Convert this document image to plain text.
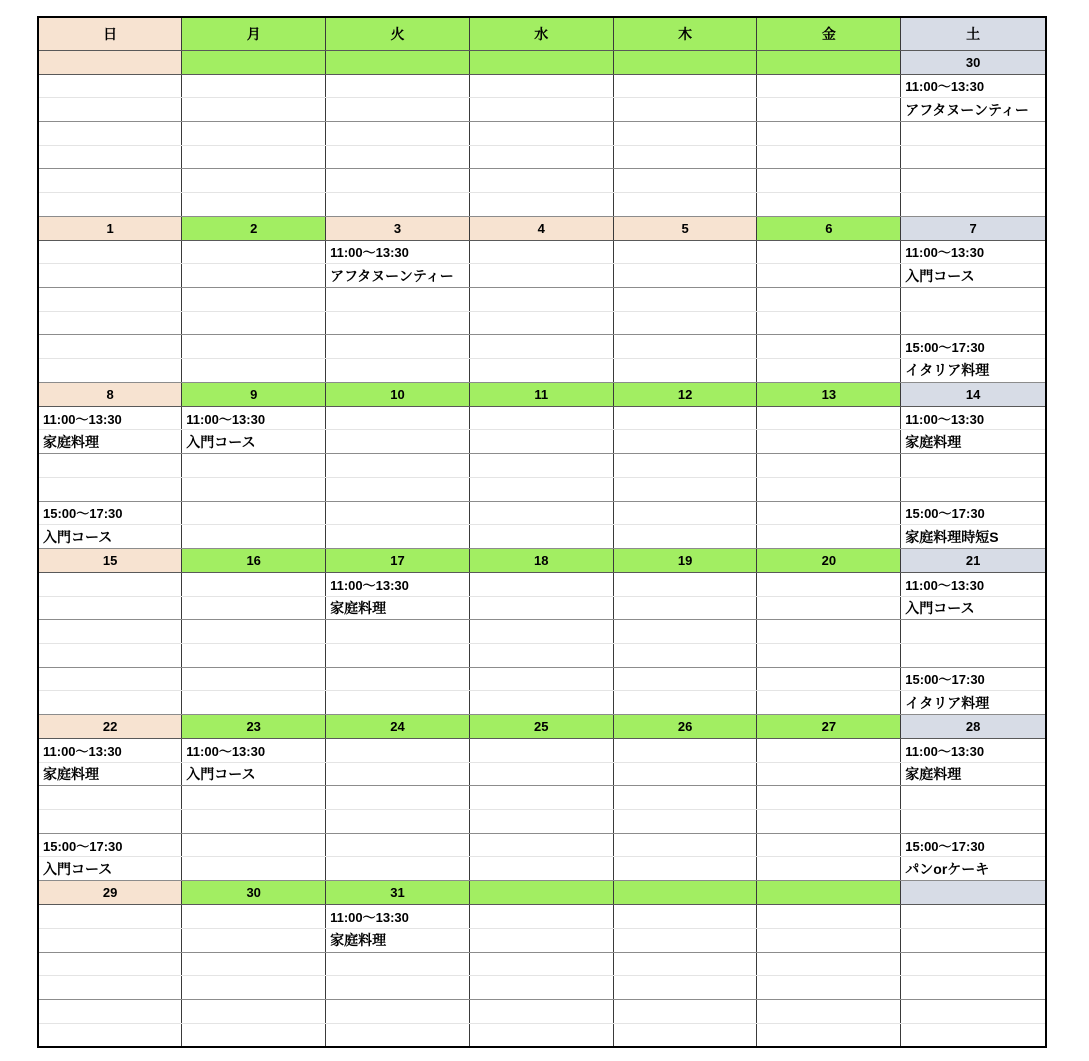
日	月	火	水	木	金	土
						30
						11:00〜13:30
						アフタヌーンティー

1	2	3	4	5	6	7
		11:00〜13:30				11:00〜13:30
		アフタヌーンティー				入門コース

						15:00〜17:30
						イタリア料理
8	9	10	11	12	13	14
11:00〜13:30	11:00〜13:30					11:00〜13:30
家庭料理	入門コース					家庭料理

15:00〜17:30						15:00〜17:30
入門コース						家庭料理時短S
15	16	17	18	19	20	21
		11:00〜13:30				11:00〜13:30
		家庭料理				入門コース

						15:00〜17:30
						イタリア料理
22	23	24	25	26	27	28
11:00〜13:30	11:00〜13:30					11:00〜13:30
家庭料理	入門コース					家庭料理

15:00〜17:30						15:00〜17:30
入門コース						パンorケーキ
29	30	31				
		11:00〜13:30				
		家庭料理				
